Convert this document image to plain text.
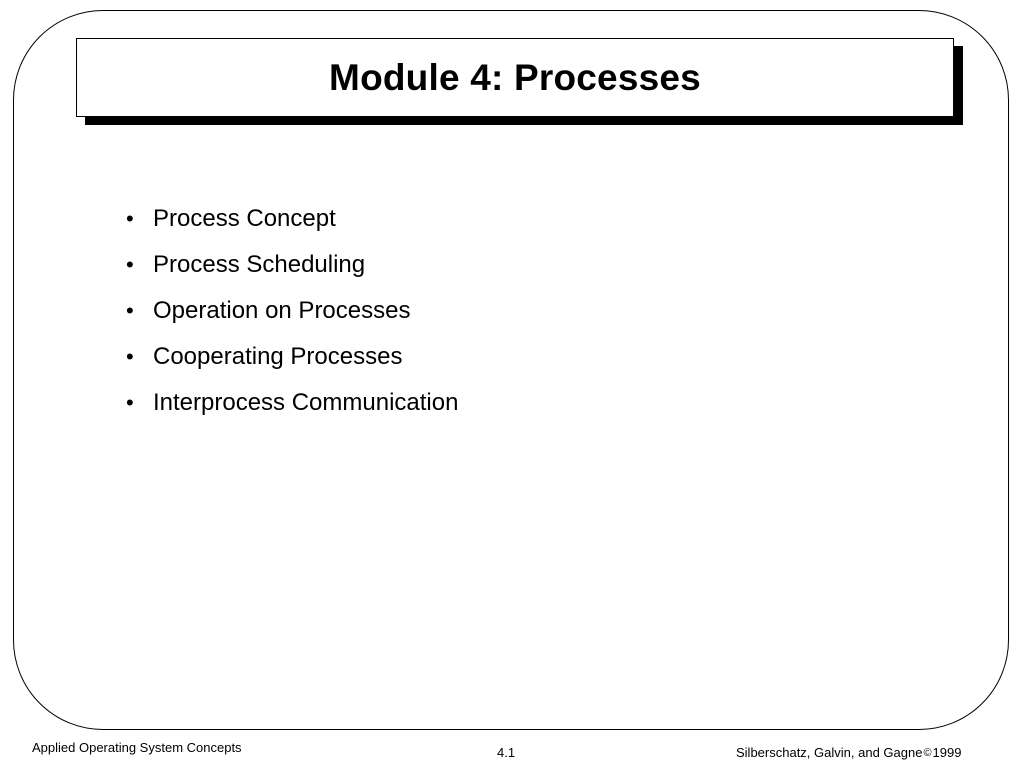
Module 4: Processes
• Process Concept
• Process Scheduling
• Operation on Processes
• Cooperating Processes
• Interprocess Communication
Applied Operating System Concepts	4.1	Silberschatz, Galvin, and Gagne©1999
